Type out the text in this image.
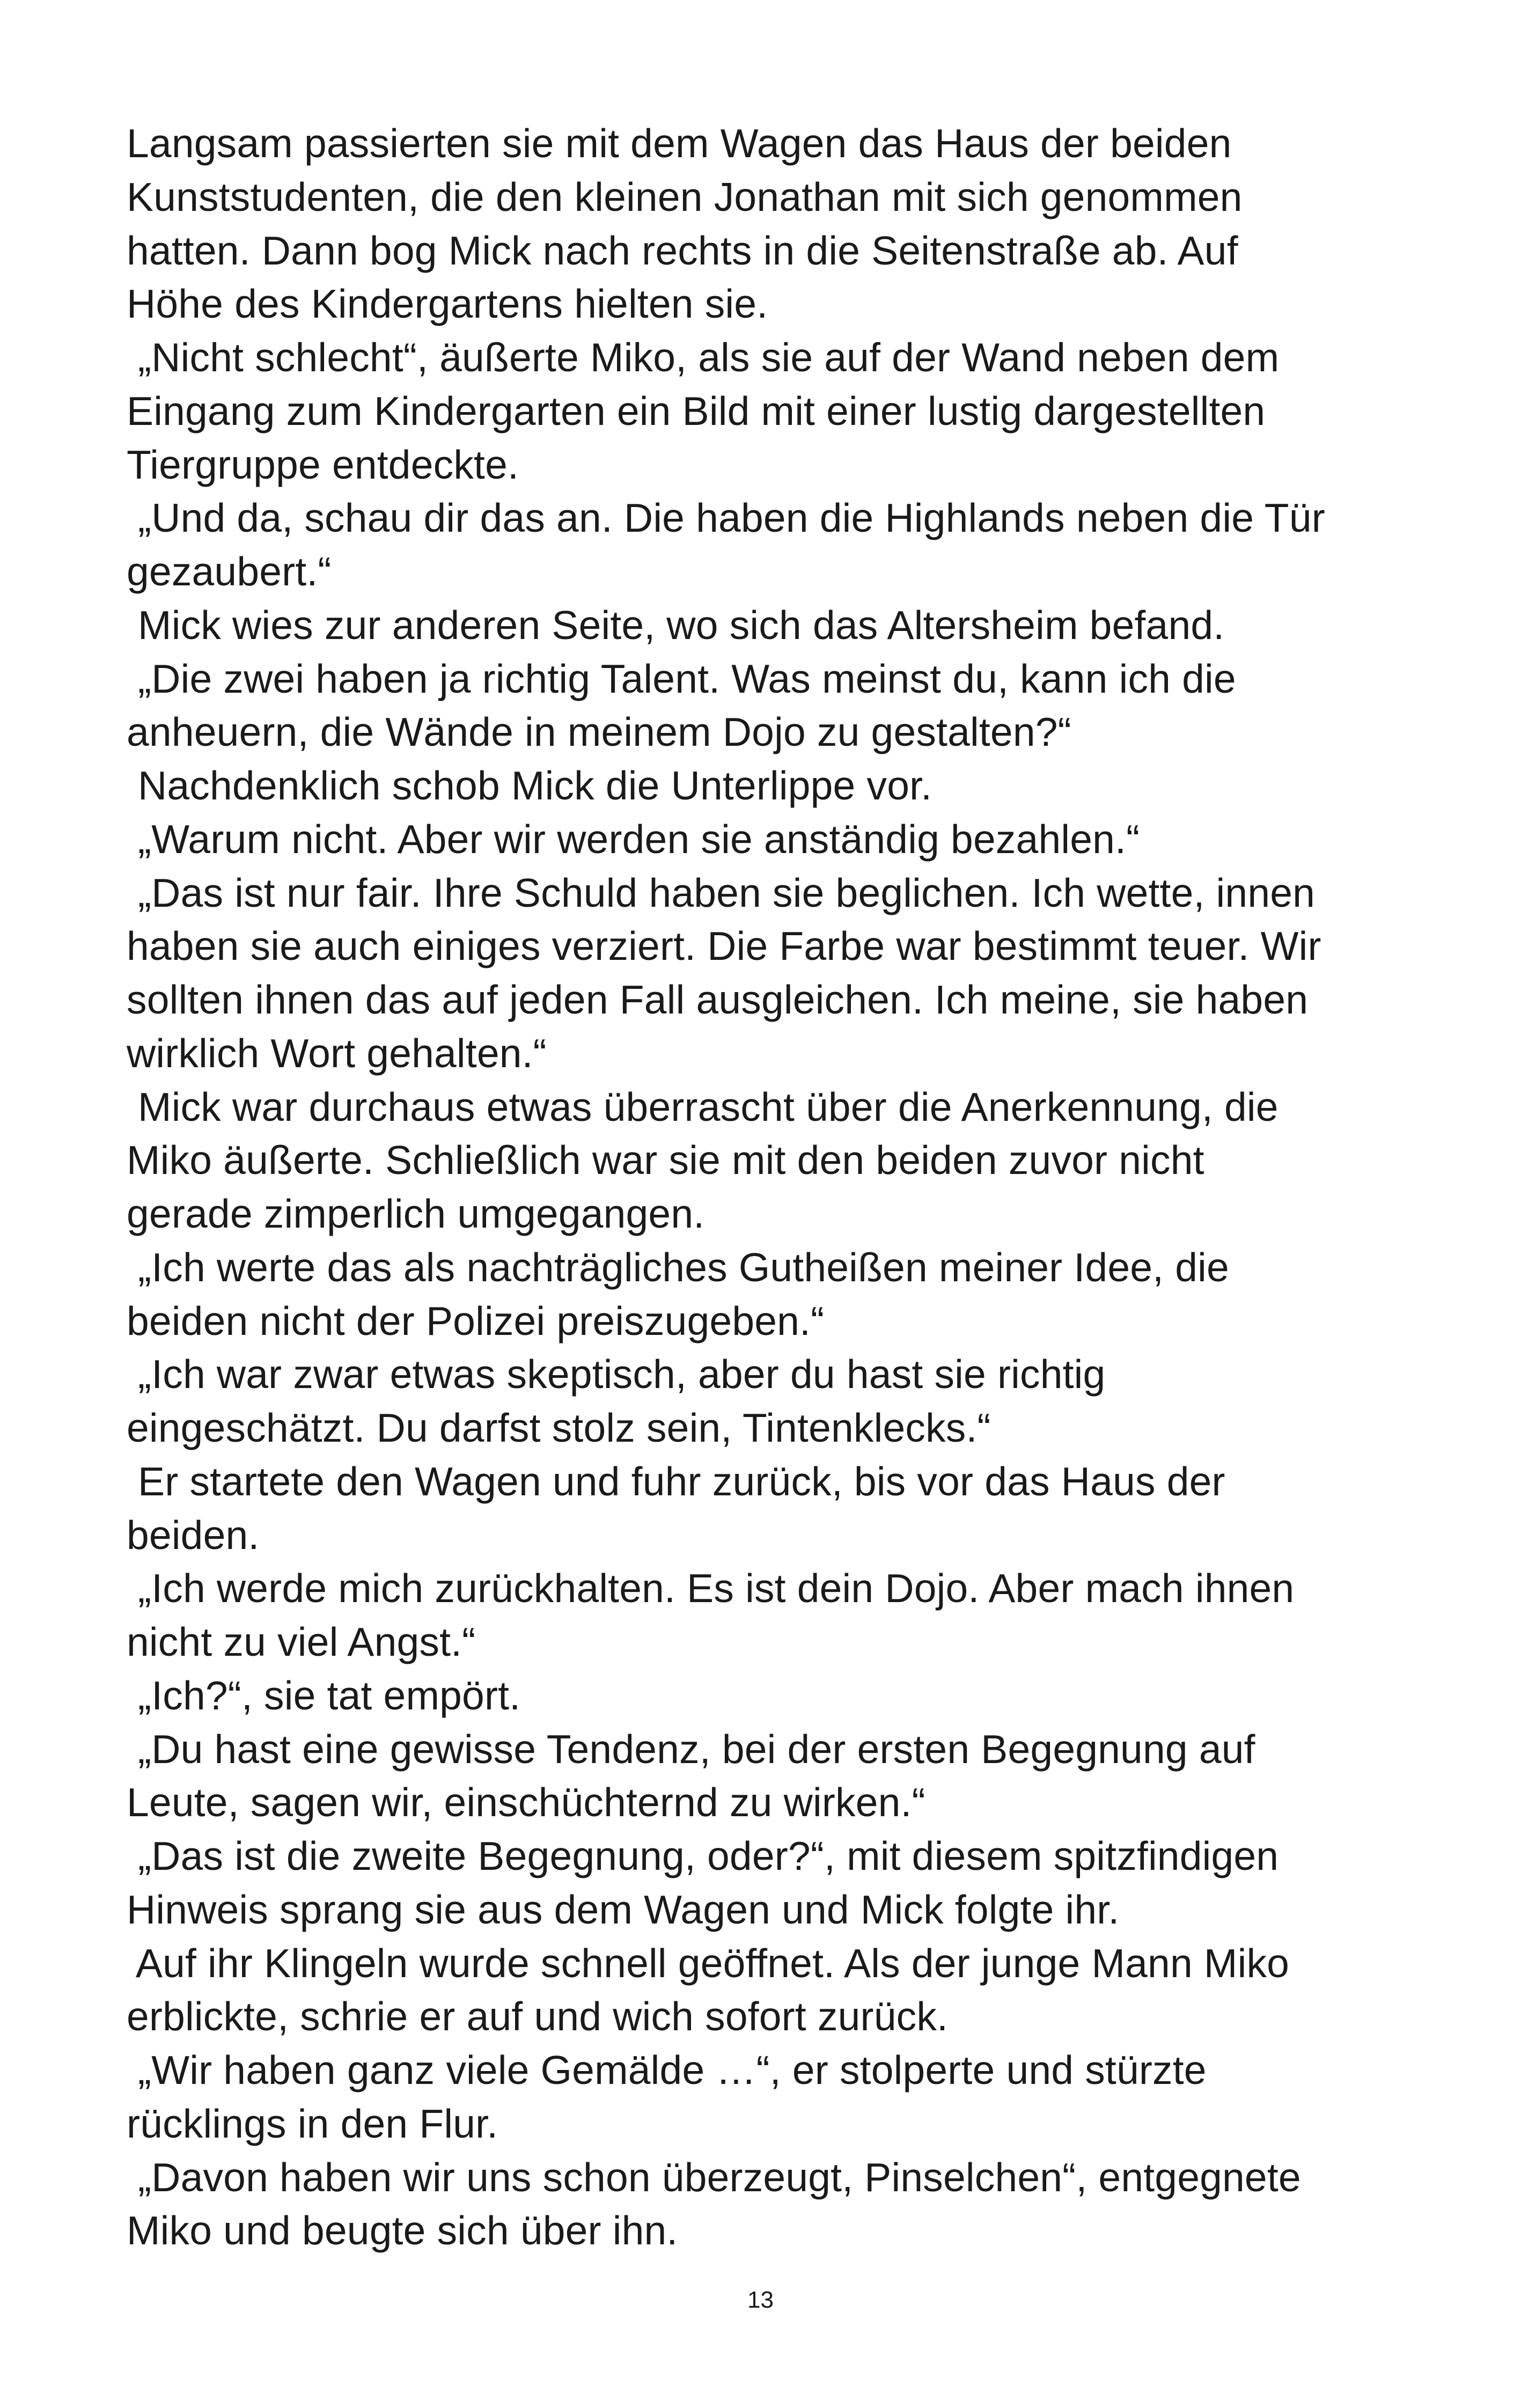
Langsam passierten sie mit dem Wagen das Haus der beiden
Kunststudenten, die den kleinen Jonathan mit sich genommen
hatten. Dann bog Mick nach rechts in die Seitenstraße ab. Auf
Höhe des Kindergartens hielten sie.
„Nicht schlecht“, äußerte Miko, als sie auf der Wand neben dem
Eingang zum Kindergarten ein Bild mit einer lustig dargestellten
Tiergruppe entdeckte.
„Und da, schau dir das an. Die haben die Highlands neben die Tür
gezaubert.“
Mick wies zur anderen Seite, wo sich das Altersheim befand.
„Die zwei haben ja richtig Talent. Was meinst du, kann ich die
anheuern, die Wände in meinem Dojo zu gestalten?“
Nachdenklich schob Mick die Unterlippe vor.
„Warum nicht. Aber wir werden sie anständig bezahlen.“
„Das ist nur fair. Ihre Schuld haben sie beglichen. Ich wette, innen
haben sie auch einiges verziert. Die Farbe war bestimmt teuer. Wir
sollten ihnen das auf jeden Fall ausgleichen. Ich meine, sie haben
wirklich Wort gehalten.“
Mick war durchaus etwas überrascht über die Anerkennung, die
Miko äußerte. Schließlich war sie mit den beiden zuvor nicht
gerade zimperlich umgegangen.
„Ich werte das als nachträgliches Gutheißen meiner Idee, die
beiden nicht der Polizei preiszugeben.“
„Ich war zwar etwas skeptisch, aber du hast sie richtig
eingeschätzt. Du darfst stolz sein, Tintenklecks.“
Er startete den Wagen und fuhr zurück, bis vor das Haus der
beiden.
„Ich werde mich zurückhalten. Es ist dein Dojo. Aber mach ihnen
nicht zu viel Angst.“
„Ich?“, sie tat empört.
„Du hast eine gewisse Tendenz, bei der ersten Begegnung auf
Leute, sagen wir, einschüchternd zu wirken.“
„Das ist die zweite Begegnung, oder?“, mit diesem spitzfindigen
Hinweis sprang sie aus dem Wagen und Mick folgte ihr.
Auf ihr Klingeln wurde schnell geöffnet. Als der junge Mann Miko
erblickte, schrie er auf und wich sofort zurück.
„Wir haben ganz viele Gemälde …“, er stolperte und stürzte
rücklings in den Flur.
„Davon haben wir uns schon überzeugt, Pinselchen“, entgegnete
Miko und beugte sich über ihn.
13
